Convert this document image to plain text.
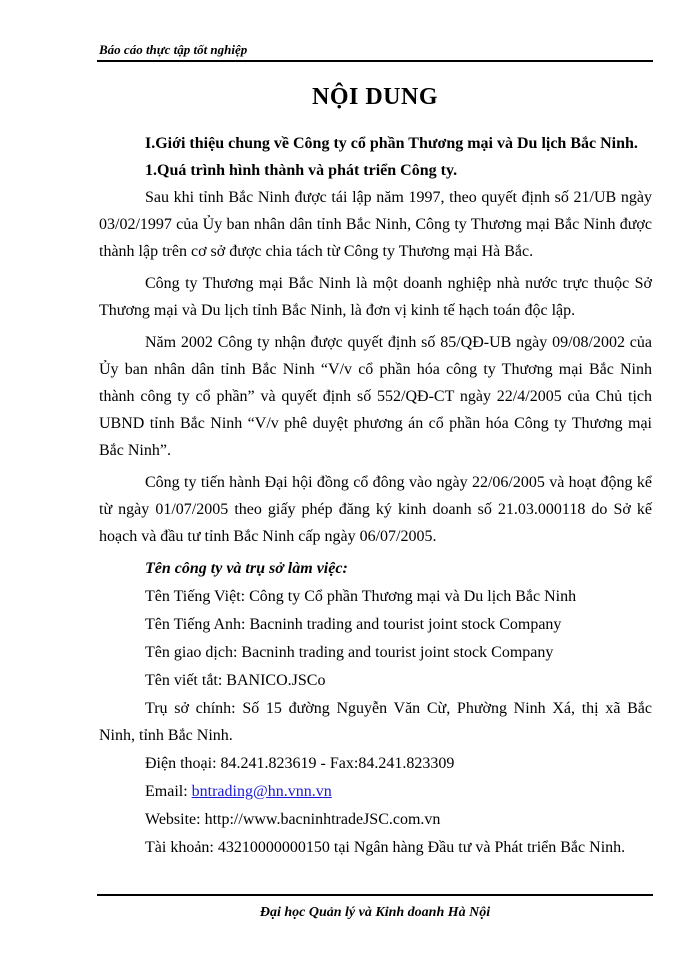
Báo cáo thực tập tốt nghiệp
NỘI DUNG

I.Giới thiệu chung về Công ty cổ phần Thương mại và Du lịch Bắc Ninh.

1.Quá trình hình thành và phát triển Công ty.

Sau khi tỉnh Bắc Ninh được tái lập năm 1997, theo quyết định số 21/UB ngày 03/02/1997 của Ủy ban nhân dân tỉnh Bắc Ninh, Công ty Thương mại Bắc Ninh được thành lập trên cơ sở được chia tách từ Công ty Thương mại Hà Bắc.

Công ty Thương mại Bắc Ninh là một doanh nghiệp nhà nước trực thuộc Sở Thương mại và Du lịch tỉnh Bắc Ninh, là đơn vị kinh tế hạch toán độc lập.

Năm 2002 Công ty nhận được quyết định số 85/QĐ-UB ngày 09/08/2002 của Ủy ban nhân dân tỉnh Bắc Ninh “V/v cổ phần hóa công ty Thương mại Bắc Ninh thành công ty cổ phần” và quyết định số 552/QĐ-CT ngày 22/4/2005 của Chủ tịch UBND tỉnh Bắc Ninh “V/v phê duyệt phương án cổ phần hóa Công ty Thương mại Bắc Ninh”.

Công ty tiến hành Đại hội đồng cổ đông vào ngày 22/06/2005 và hoạt động kể từ ngày 01/07/2005 theo giấy phép đăng ký kinh doanh số 21.03.000118 do Sở kế hoạch và đầu tư tỉnh Bắc Ninh cấp ngày 06/07/2005.

Tên công ty và trụ sở làm việc:

Tên Tiếng Việt: Công ty Cổ phần Thương mại và Du lịch Bắc Ninh

Tên Tiếng Anh: Bacninh trading and tourist joint stock Company

Tên giao dịch: Bacninh trading and tourist joint stock Company

Tên viết tắt: BANICO.JSCo

Trụ sở chính: Số 15 đường Nguyễn Văn Cừ, Phường Ninh Xá, thị xã Bắc Ninh, tỉnh Bắc Ninh.

Điện thoại: 84.241.823619 - Fax:84.241.823309

Email: bntrading@hn.vnn.vn

Website: http://www.bacninhtradeJSC.com.vn

Tài khoản: 43210000000150 tại Ngân hàng Đầu tư và Phát triển Bắc Ninh.

Đại học Quản lý và Kinh doanh Hà Nội
